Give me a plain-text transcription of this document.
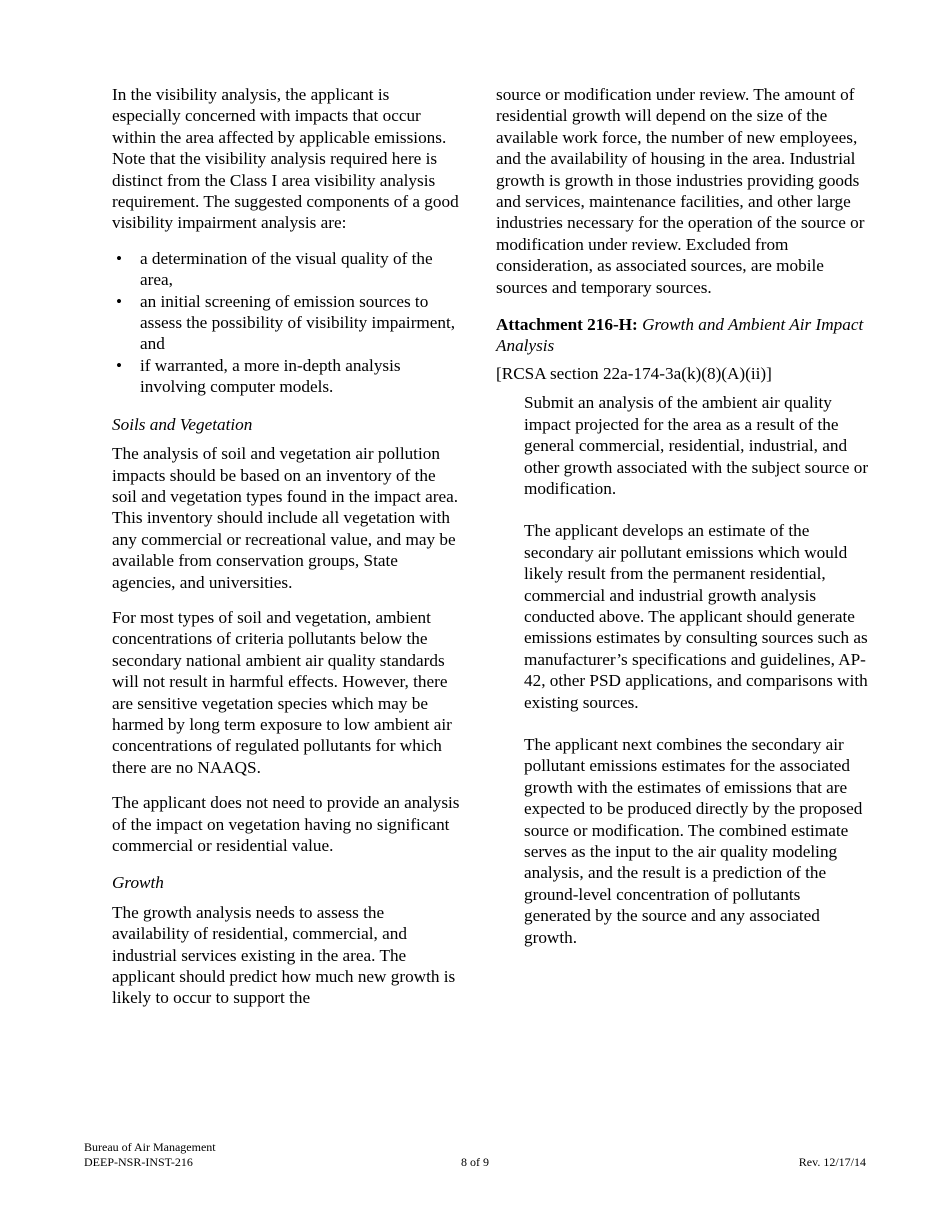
In the visibility analysis, the applicant is especially concerned with impacts that occur within the area affected by applicable emissions. Note that the visibility analysis required here is distinct from the Class I area visibility analysis requirement. The suggested components of a good visibility impairment analysis are:

• a determination of the visual quality of the area,
• an initial screening of emission sources to assess the possibility of visibility impairment, and
• if warranted, a more in-depth analysis involving computer models.

Soils and Vegetation

The analysis of soil and vegetation air pollution impacts should be based on an inventory of the soil and vegetation types found in the impact area. This inventory should include all vegetation with any commercial or recreational value, and may be available from conservation groups, State agencies, and universities.

For most types of soil and vegetation, ambient concentrations of criteria pollutants below the secondary national ambient air quality standards will not result in harmful effects. However, there are sensitive vegetation species which may be harmed by long term exposure to low ambient air concentrations of regulated pollutants for which there are no NAAQS.

The applicant does not need to provide an analysis of the impact on vegetation having no significant commercial or residential value.

Growth

The growth analysis needs to assess the availability of residential, commercial, and industrial services existing in the area. The applicant should predict how much new growth is likely to occur to support the

source or modification under review. The amount of residential growth will depend on the size of the available work force, the number of new employees, and the availability of housing in the area. Industrial growth is growth in those industries providing goods and services, maintenance facilities, and other large industries necessary for the operation of the source or modification under review. Excluded from consideration, as associated sources, are mobile sources and temporary sources.

Attachment 216-H: Growth and Ambient Air Impact Analysis

[RCSA section 22a-174-3a(k)(8)(A)(ii)]

Submit an analysis of the ambient air quality impact projected for the area as a result of the general commercial, residential, industrial, and other growth associated with the subject source or modification.

The applicant develops an estimate of the secondary air pollutant emissions which would likely result from the permanent residential, commercial and industrial growth analysis conducted above. The applicant should generate emissions estimates by consulting sources such as manufacturer’s specifications and guidelines, AP-42, other PSD applications, and comparisons with existing sources.

The applicant next combines the secondary air pollutant emissions estimates for the associated growth with the estimates of emissions that are expected to be produced directly by the proposed source or modification. The combined estimate serves as the input to the air quality modeling analysis, and the result is a prediction of the ground-level concentration of pollutants generated by the source and any associated growth.

Bureau of Air Management
DEEP-NSR-INST-216	8 of 9	Rev. 12/17/14
